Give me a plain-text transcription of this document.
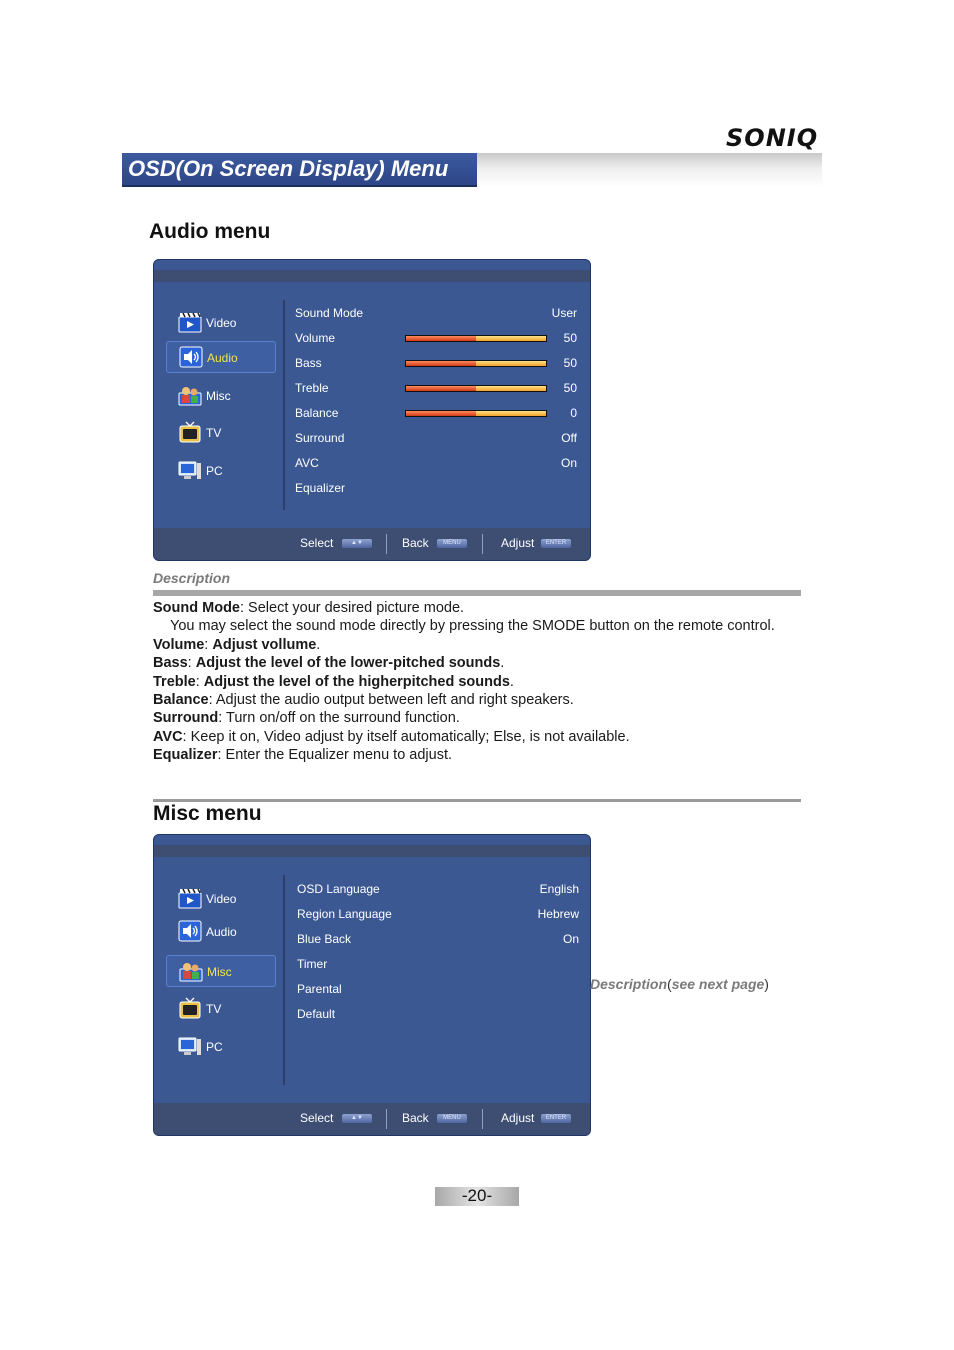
SONIQ
OSD(On Screen Display) Menu
Audio menu
Video
Audio
Misc
TV
PC
Sound Mode	User
Volume	50
Bass	50
Treble	50
Balance	0
Surround	Off
AVC	On
Equalizer
Select	▲▼	Back	MENU	Adjust	ENTER
Description

Sound Mode: Select your desired picture mode.

You may select the sound mode directly by pressing the SMODE button on the remote control.

Volume: Adjust vollume.

Bass: Adjust the level of the lower-pitched sounds.

Treble: Adjust the level of the higherpitched sounds.

Balance: Adjust the audio output between left and right speakers.

Surround: Turn on/off on the surround function.

AVC: Keep it on, Video adjust by itself automatically; Else, is not available.

Equalizer: Enter the Equalizer menu to adjust.

Misc menu
Video
Audio
Misc
TV
PC
OSD Language	English
Region Language	Hebrew
Blue Back	On
Timer
Parental
Default
Select	▲▼	Back	MENU	Adjust	ENTER
Description(see next page)
-20-
